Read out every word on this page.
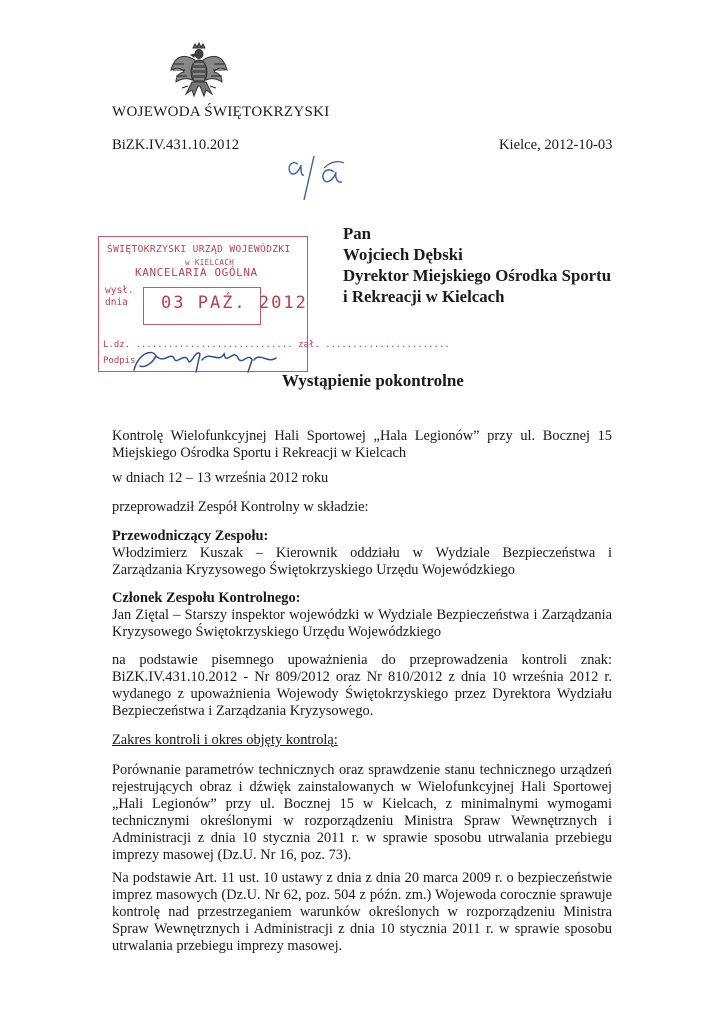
WOJEWODA ŚWIĘTOKRZYSKI
BiZK.IV.431.10.2012	Kielce, 2012-10-03
Pan
Wojciech Dębski
Dyrektor Miejskiego Ośrodka Sportu
i Rekreacji w Kielcach
ŚWIĘTOKRZYSKI URZĄD WOJEWÓDZKI
w KIELCACH
KANCELARIA OGÓLNA
wysł.
dnia	03 PAŹ. 2012
L.dz. ............................. zał. .......................
Podpis
Wystąpienie pokontrolne
Kontrolę Wielofunkcyjnej Hali Sportowej „Hala Legionów” przy ul. Bocznej 15 Miejskiego Ośrodka Sportu i Rekreacji w Kielcach
w dniach 12 – 13 września 2012 roku
przeprowadził Zespół Kontrolny w składzie:
Przewodniczący Zespołu:
Włodzimierz Kuszak – Kierownik oddziału w Wydziale Bezpieczeństwa i Zarządzania Kryzysowego Świętokrzyskiego Urzędu Wojewódzkiego
Członek Zespołu Kontrolnego:
Jan Ziętal – Starszy inspektor wojewódzki w Wydziale Bezpieczeństwa i Zarządzania Kryzysowego Świętokrzyskiego Urzędu Wojewódzkiego
na podstawie pisemnego upoważnienia do przeprowadzenia kontroli znak: BiZK.IV.431.10.2012 - Nr 809/2012 oraz Nr 810/2012 z dnia 10 września 2012 r. wydanego z upoważnienia Wojewody Świętokrzyskiego przez Dyrektora Wydziału Bezpieczeństwa i Zarządzania Kryzysowego.
Zakres kontroli i okres objęty kontrolą:
Porównanie parametrów technicznych oraz sprawdzenie stanu technicznego urządzeń rejestrujących obraz i dźwięk zainstalowanych w Wielofunkcyjnej Hali Sportowej „Hali Legionów” przy ul. Bocznej 15 w Kielcach, z minimalnymi wymogami technicznymi określonymi w rozporządzeniu Ministra Spraw Wewnętrznych i Administracji z dnia 10 stycznia 2011 r. w sprawie sposobu utrwalania przebiegu imprezy masowej (Dz.U. Nr 16, poz. 73).
Na podstawie Art. 11 ust. 10 ustawy z dnia z dnia 20 marca 2009 r. o bezpieczeństwie imprez masowych (Dz.U. Nr 62, poz. 504 z późn. zm.) Wojewoda corocznie sprawuje kontrolę nad przestrzeganiem warunków określonych w rozporządzeniu Ministra Spraw Wewnętrznych i Administracji z dnia 10 stycznia 2011 r. w sprawie sposobu utrwalania przebiegu imprezy masowej.
